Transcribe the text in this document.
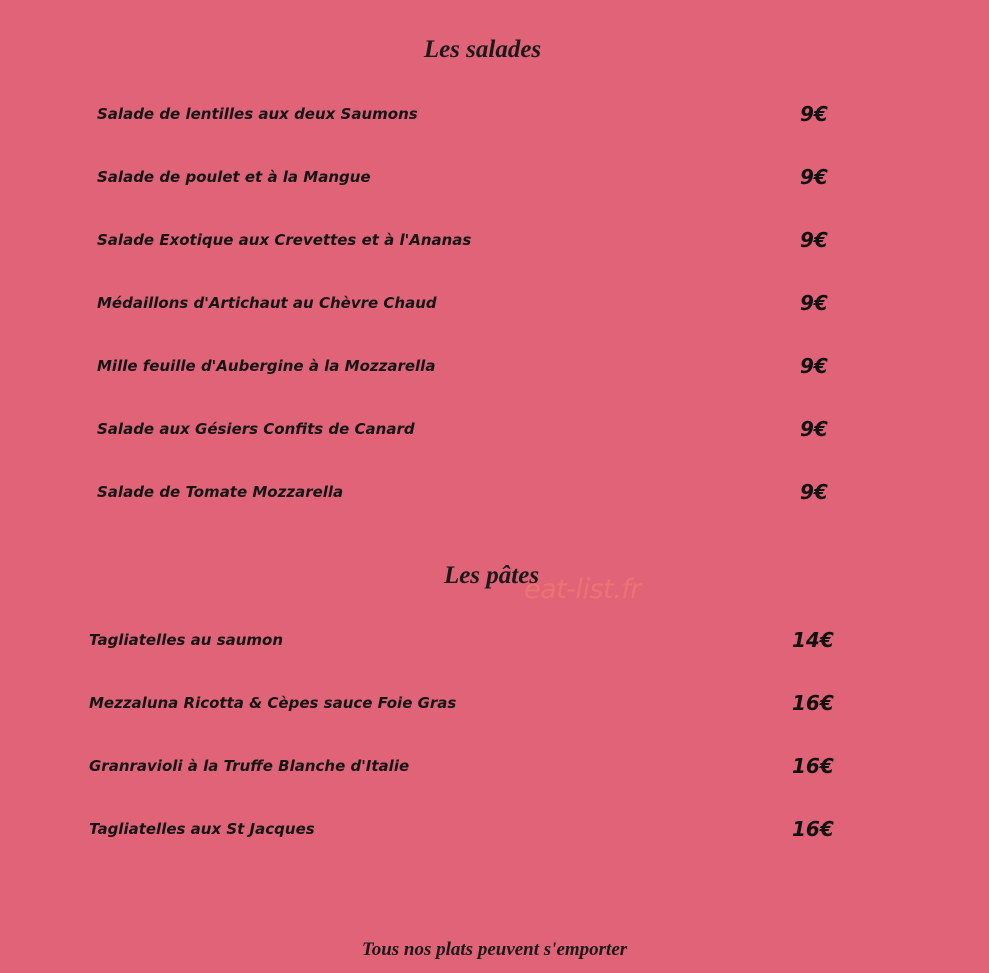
Les salades
Salade de lentilles aux deux Saumons	9€
Salade de poulet et à la Mangue	9€
Salade Exotique aux Crevettes et à l'Ananas	9€
Médaillons d'Artichaut au Chèvre Chaud	9€
Mille feuille d'Aubergine à la Mozzarella	9€
Salade aux Gésiers Confits de Canard	9€
Salade de Tomate Mozzarella	9€
Les pâtes
eat-list.fr
Tagliatelles au saumon	14€
Mezzaluna Ricotta & Cèpes sauce Foie Gras	16€
Granravioli à la Truffe Blanche d'Italie	16€
Tagliatelles aux St Jacques	16€
Tous nos plats peuvent s'emporter
